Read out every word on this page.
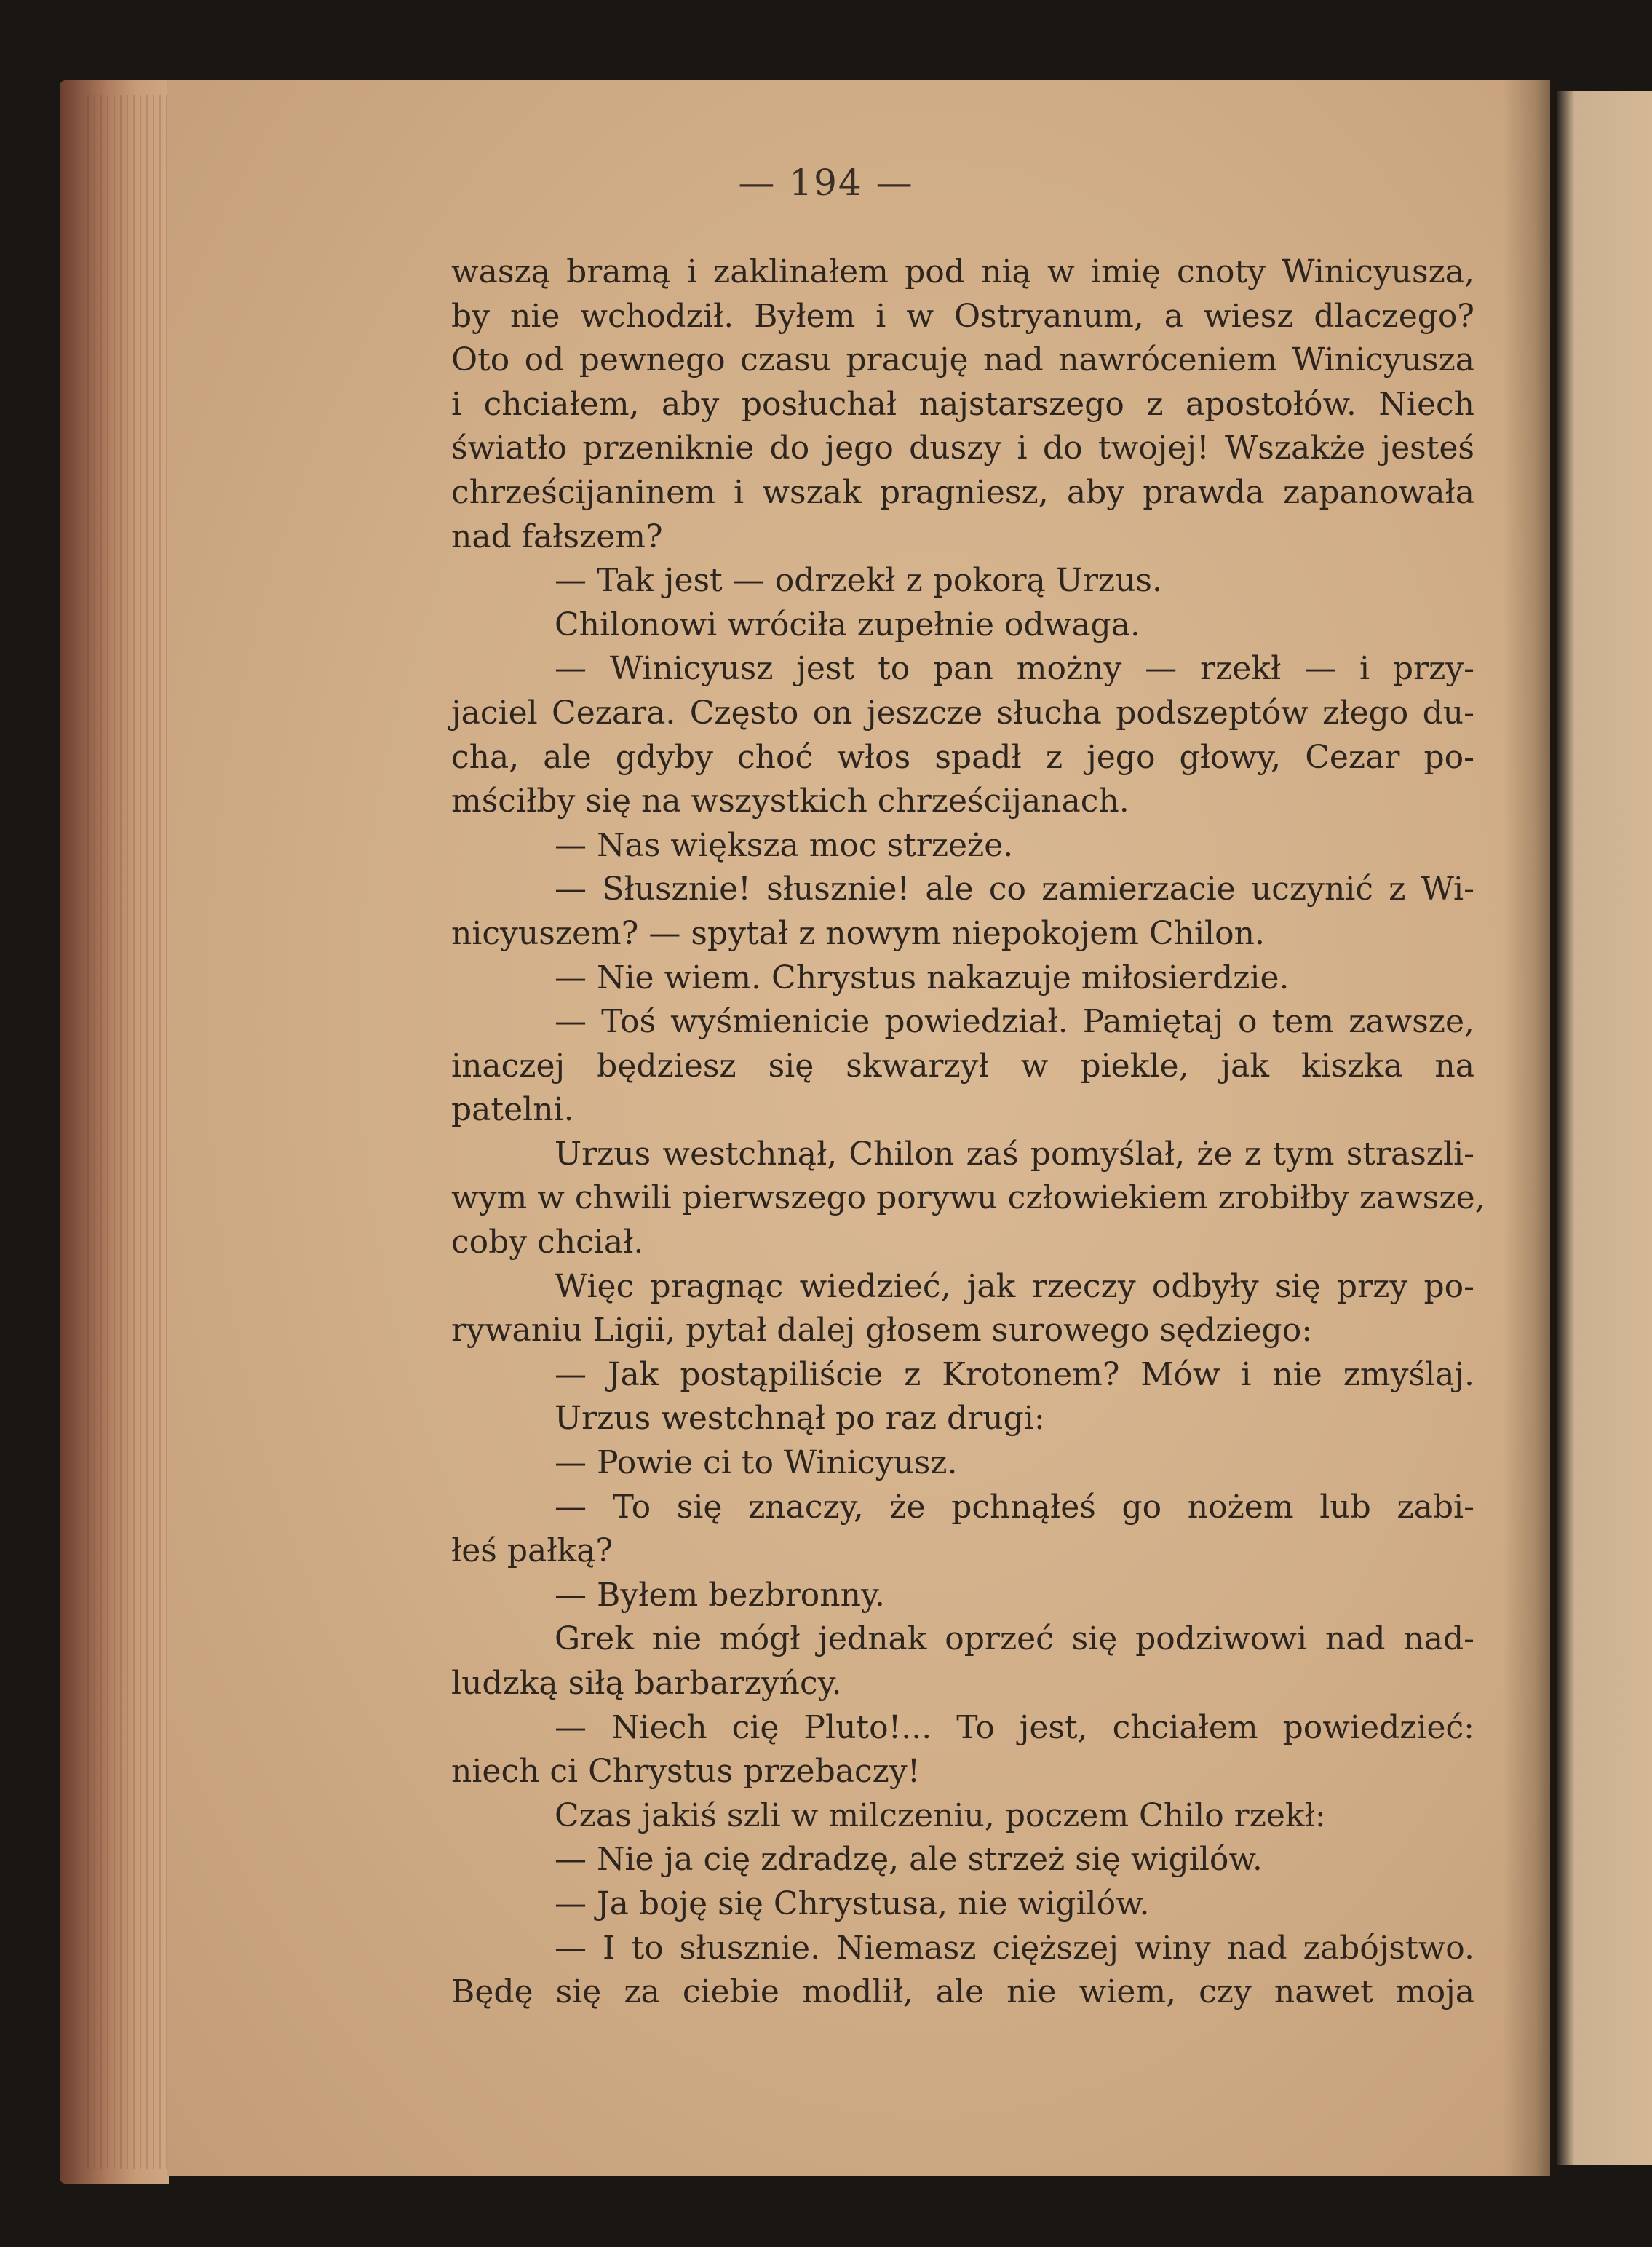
— 194 —
waszą bramą i zaklinałem pod nią w imię cnoty Winicyusza,
by nie wchodził. Byłem i w Ostryanum, a wiesz dlaczego?
Oto od pewnego czasu pracuję nad nawróceniem Winicyusza
i chciałem, aby posłuchał najstarszego z apostołów. Niech
światło przeniknie do jego duszy i do twojej! Wszakże jesteś
chrześcijaninem i wszak pragniesz, aby prawda zapanowała
nad fałszem?
— Tak jest — odrzekł z pokorą Urzus.
Chilonowi wróciła zupełnie odwaga.
— Winicyusz jest to pan możny — rzekł — i przy-
jaciel Cezara. Często on jeszcze słucha podszeptów złego du-
cha, ale gdyby choć włos spadł z jego głowy, Cezar po-
mściłby się na wszystkich chrześcijanach.
— Nas większa moc strzeże.
— Słusznie! słusznie! ale co zamierzacie uczynić z Wi-
nicyuszem? — spytał z nowym niepokojem Chilon.
— Nie wiem. Chrystus nakazuje miłosierdzie.
— Toś wyśmienicie powiedział. Pamiętaj o tem zawsze,
inaczej będziesz się skwarzył w piekle, jak kiszka na
patelni.
Urzus westchnął, Chilon zaś pomyślał, że z tym straszli-
wym w chwili pierwszego porywu człowiekiem zrobiłby zawsze,
coby chciał.
Więc pragnąc wiedzieć, jak rzeczy odbyły się przy po-
rywaniu Ligii, pytał dalej głosem surowego sędziego:
— Jak postąpiliście z Krotonem? Mów i nie zmyślaj.
Urzus westchnął po raz drugi:
— Powie ci to Winicyusz.
— To się znaczy, że pchnąłeś go nożem lub zabi-
łeś pałką?
— Byłem bezbronny.
Grek nie mógł jednak oprzeć się podziwowi nad nad-
ludzką siłą barbarzyńcy.
— Niech cię Pluto!... To jest, chciałem powiedzieć:
niech ci Chrystus przebaczy!
Czas jakiś szli w milczeniu, poczem Chilo rzekł:
— Nie ja cię zdradzę, ale strzeż się wigilów.
— Ja boję się Chrystusa, nie wigilów.
— I to słusznie. Niemasz cięższej winy nad zabójstwo.
Będę się za ciebie modlił, ale nie wiem, czy nawet moja
